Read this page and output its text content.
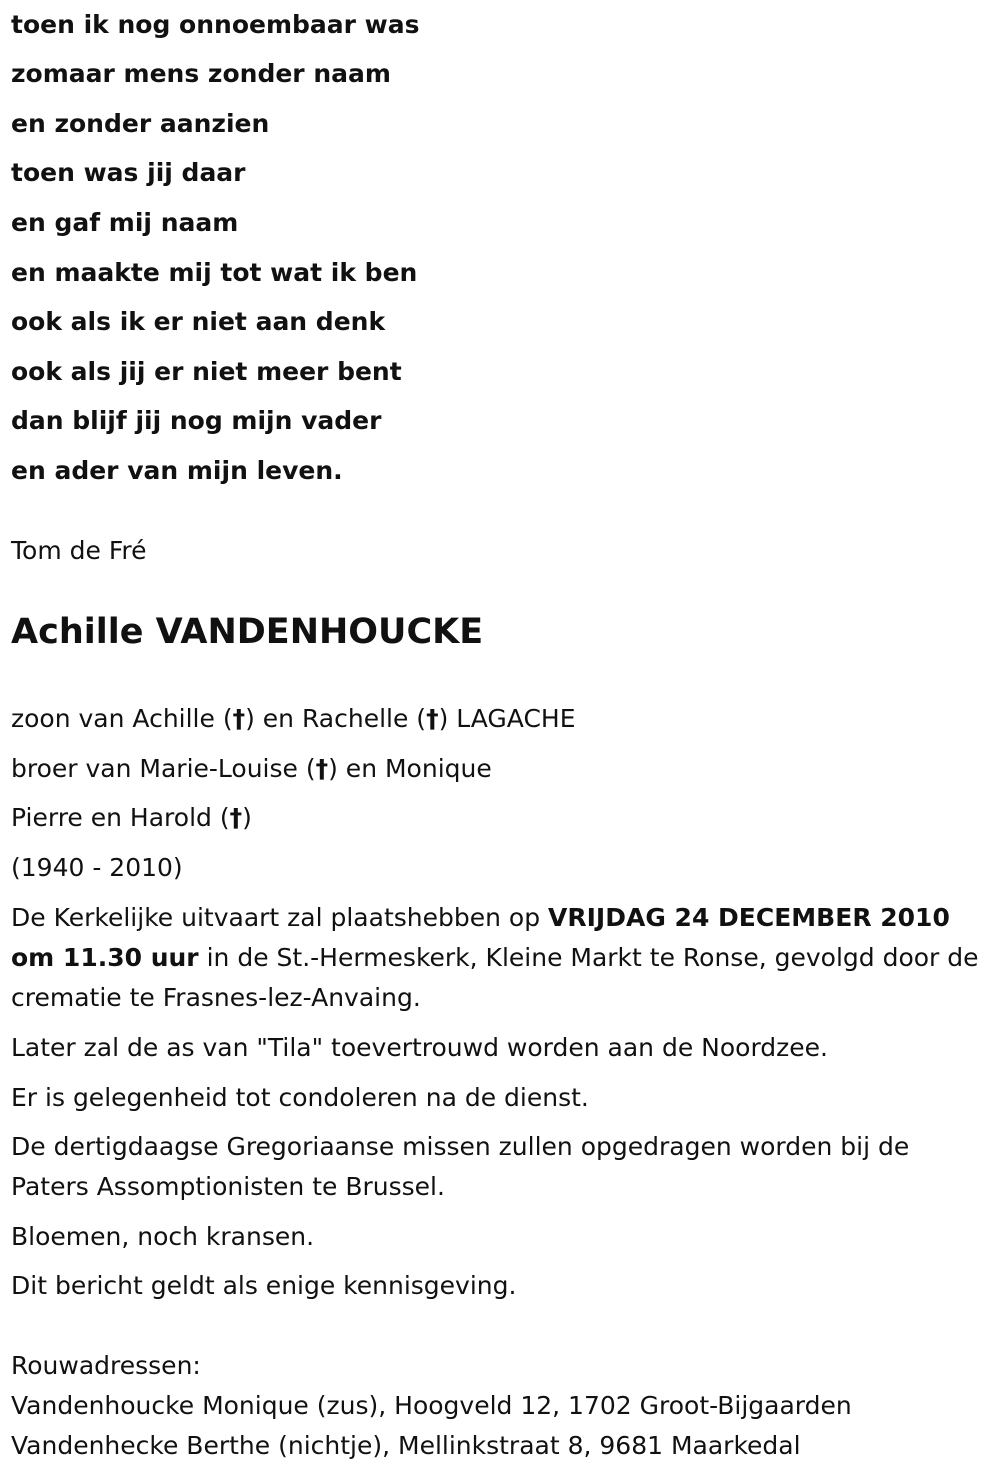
toen ik nog onnoembaar was
zomaar mens zonder naam
en zonder aanzien
toen was jij daar
en gaf mij naam
en maakte mij tot wat ik ben
ook als ik er niet aan denk
ook als jij er niet meer bent
dan blijf jij nog mijn vader
en ader van mijn leven.
Tom de Fré
Achille VANDENHOUCKE
zoon van Achille (†) en Rachelle (†) LAGACHE
broer van Marie-Louise (†) en Monique
Pierre en Harold (†)
(1940 - 2010)
De Kerkelijke uitvaart zal plaatshebben op VRIJDAG 24 DECEMBER 2010 om 11.30 uur in de St.-Hermeskerk, Kleine Markt te Ronse, gevolgd door de crematie te Frasnes-lez-Anvaing.
Later zal de as van "Tila" toevertrouwd worden aan de Noordzee.
Er is gelegenheid tot condoleren na de dienst.
De dertigdaagse Gregoriaanse missen zullen opgedragen worden bij de Paters Assomptionisten te Brussel.
Bloemen, noch kransen.
Dit bericht geldt als enige kennisgeving.
Rouwadressen:
Vandenhoucke Monique (zus), Hoogveld 12, 1702 Groot-Bijgaarden
Vandenhecke Berthe (nichtje), Mellinkstraat 8, 9681 Maarkedal
